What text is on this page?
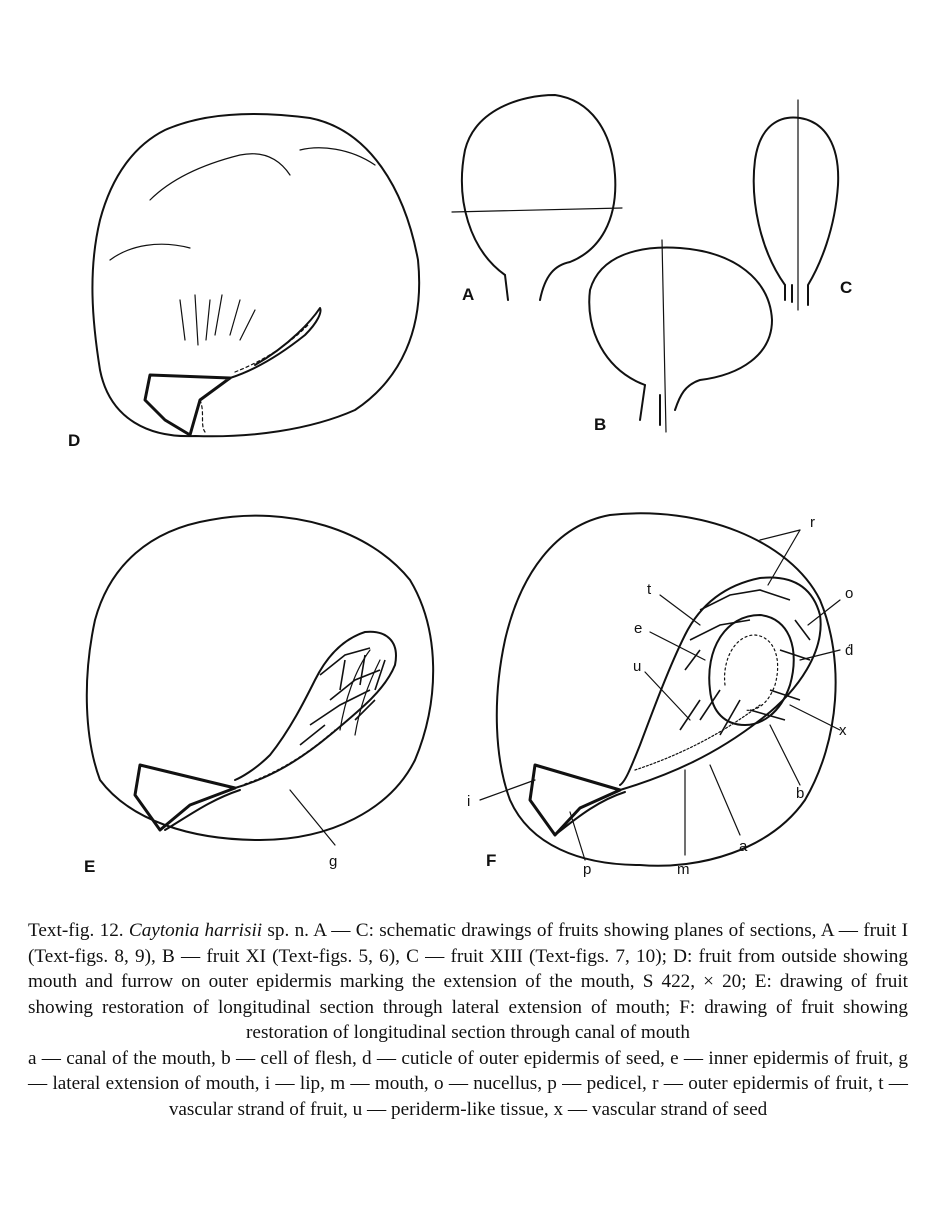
D
A	C
B
E	F
g
r
t	o
e
d́
u
x
i	b
a
p	m

Text-fig. 12. Caytonia harrisii sp. n. A — C: schematic drawings of fruits showing planes of sections, A — fruit I (Text-figs. 8, 9), B — fruit XI (Text-figs. 5, 6), C — fruit XIII (Text-figs. 7, 10); D: fruit from outside showing mouth and furrow on outer epidermis marking the extension of the mouth, S 422, × 20; E: drawing of fruit showing restoration of longitudinal section through lateral extension of mouth; F: drawing of fruit showing restoration of longitudinal section through canal of mouth

a — canal of the mouth, b — cell of flesh, d — cuticle of outer epidermis of seed, e — inner epidermis of fruit, g — lateral extension of mouth, i — lip, m — mouth, o — nucellus, p — pedicel, r — outer epidermis of fruit, t — vascular strand of fruit, u — periderm-like tissue, x — vascular strand of seed
